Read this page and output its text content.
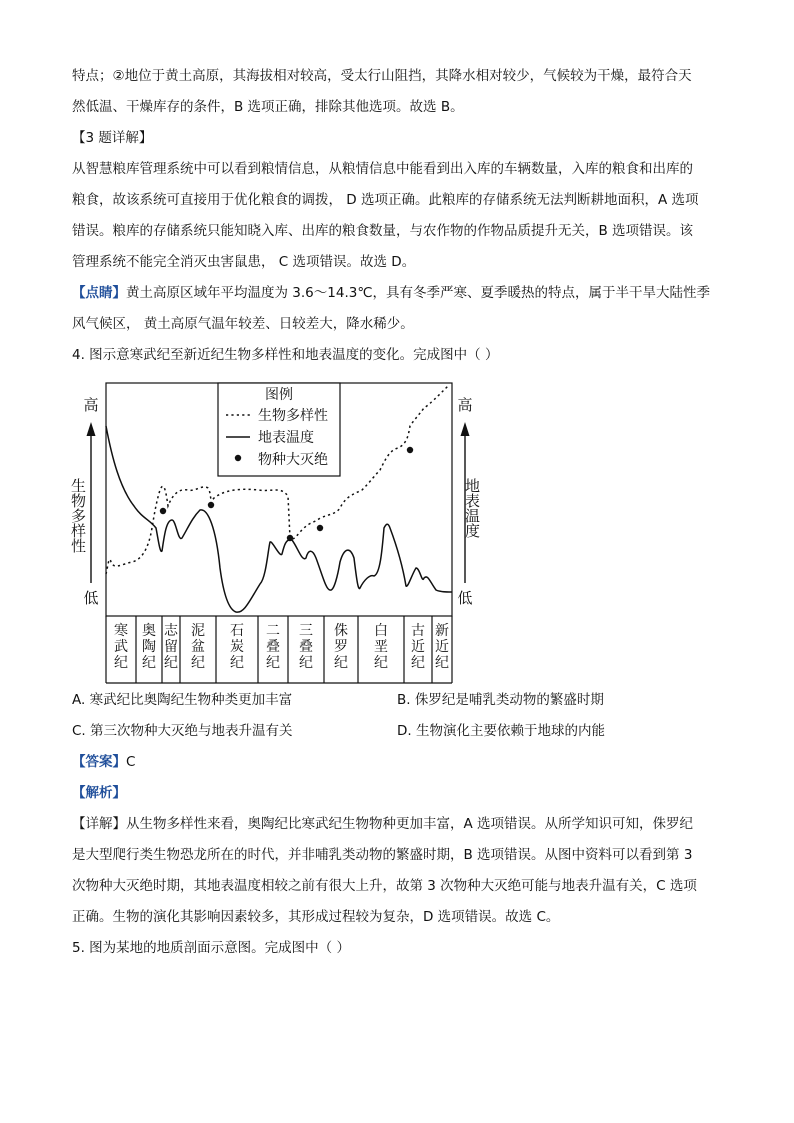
特点；②地位于黄土高原，其海拔相对较高，受太行山阻挡，其降水相对较少，气候较为干燥，最符合天
然低温、干燥库存的条件，B 选项正确，排除其他选项。故选 B。
【3 题详解】
从智慧粮库管理系统中可以看到粮情信息，从粮情信息中能看到出入库的车辆数量，入库的粮食和出库的
粮食，故该系统可直接用于优化粮食的调拨， D 选项正确。此粮库的存储系统无法判断耕地面积，A 选项
错误。粮库的存储系统只能知晓入库、出库的粮食数量，与农作物的作物品质提升无关，B 选项错误。该
管理系统不能完全消灭虫害鼠患， C 选项错误。故选 D。
【点睛】黄土高原区域年平均温度为 3.6～14.3℃，具有冬季严寒、夏季暖热的特点，属于半干旱大陆性季
风气候区， 黄土高原气温年较差、日较差大，降水稀少。
4. 图示意寒武纪至新近纪生物多样性和地表温度的变化。完成图中（ ）
高
生物多样性
低
高
地表温度
低
寒
武
纪
奥
陶
纪
志
留
纪
泥
盆
纪
石
炭
纪
二
叠
纪
三
叠
纪
侏
罗
纪
白
垩
纪
古
近
纪
新
近
纪
图例
生物多样性
地表温度
物种大灭绝
A. 寒武纪比奥陶纪生物种类更加丰富	B. 侏罗纪是哺乳类动物的繁盛时期
C. 第三次物种大灭绝与地表升温有关	D. 生物演化主要依赖于地球的内能
【答案】C
【解析】
【详解】从生物多样性来看，奥陶纪比寒武纪生物物种更加丰富，A 选项错误。从所学知识可知，侏罗纪
是大型爬行类生物恐龙所在的时代，并非哺乳类动物的繁盛时期，B 选项错误。从图中资料可以看到第 3
次物种大灭绝时期，其地表温度相较之前有很大上升，故第 3 次物种大灭绝可能与地表升温有关，C 选项
正确。生物的演化其影响因素较多，其形成过程较为复杂，D 选项错误。故选 C。
5. 图为某地的地质剖面示意图。完成图中（ ）
